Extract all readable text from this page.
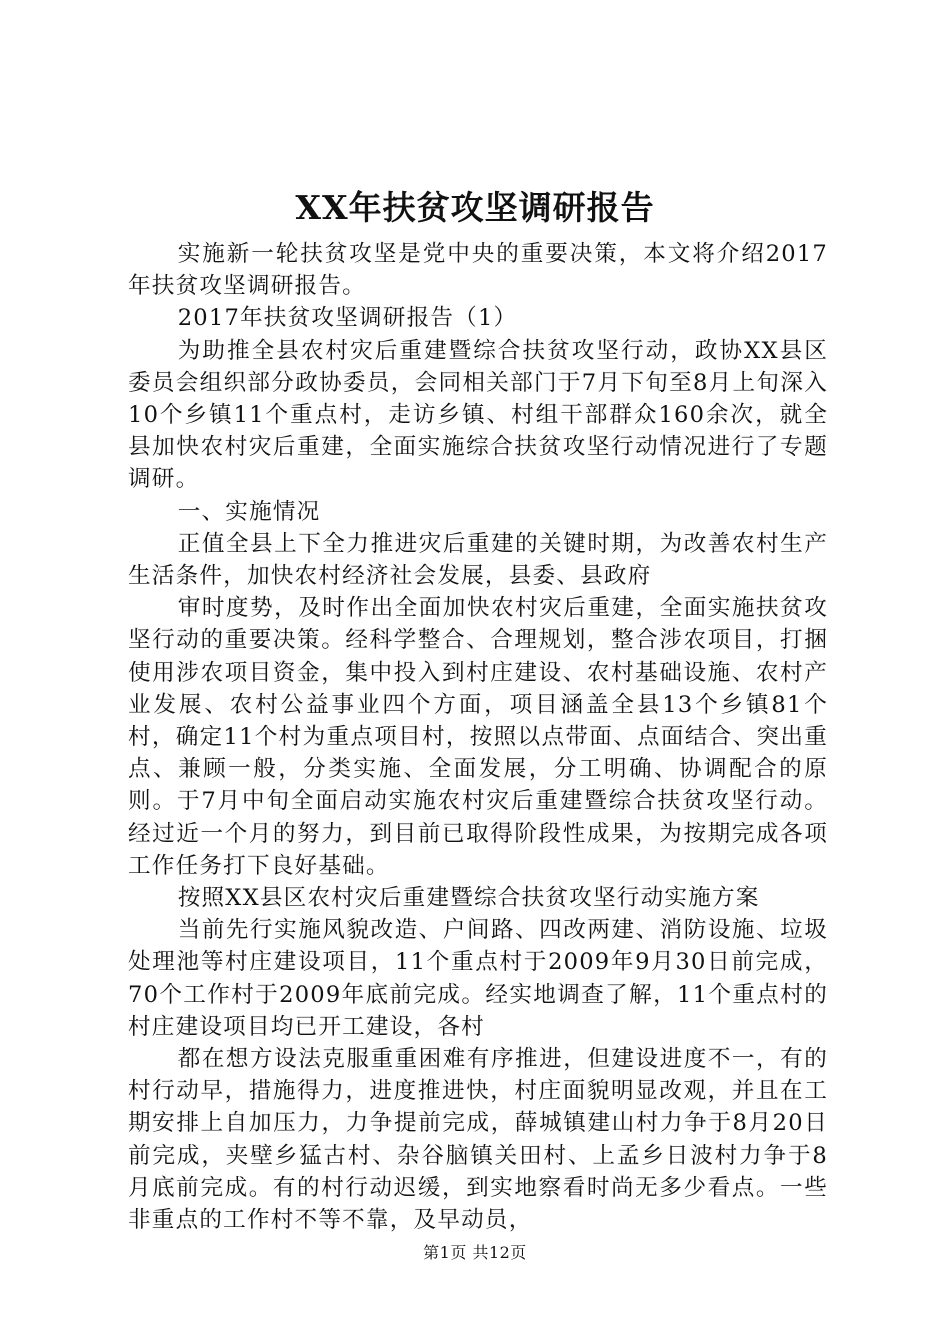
XX年扶贫攻坚调研报告

实施新一轮扶贫攻坚是党中央的重要决策，本文将介绍2017年扶贫攻坚调研报告。

2017年扶贫攻坚调研报告（1）

为助推全县农村灾后重建暨综合扶贫攻坚行动，政协XX县区委员会组织部分政协委员，会同相关部门于7月下旬至8月上旬深入10个乡镇11个重点村，走访乡镇、村组干部群众160余次，就全县加快农村灾后重建，全面实施综合扶贫攻坚行动情况进行了专题调研。

一、实施情况

正值全县上下全力推进灾后重建的关键时期，为改善农村生产生活条件，加快农村经济社会发展，县委、县政府

审时度势，及时作出全面加快农村灾后重建，全面实施扶贫攻坚行动的重要决策。经科学整合、合理规划，整合涉农项目，打捆使用涉农项目资金，集中投入到村庄建设、农村基础设施、农村产业发展、农村公益事业四个方面，项目涵盖全县13个乡镇81个村，确定11个村为重点项目村，按照以点带面、点面结合、突出重点、兼顾一般，分类实施、全面发展，分工明确、协调配合的原则。于7月中旬全面启动实施农村灾后重建暨综合扶贫攻坚行动。经过近一个月的努力，到目前已取得阶段性成果，为按期完成各项工作任务打下良好基础。

按照XX县区农村灾后重建暨综合扶贫攻坚行动实施方案

当前先行实施风貌改造、户间路、四改两建、消防设施、垃圾处理池等村庄建设项目，11个重点村于2009年9月30日前完成，70个工作村于2009年底前完成。经实地调查了解，11个重点村的村庄建设项目均已开工建设，各村

都在想方设法克服重重困难有序推进，但建设进度不一，有的村行动早，措施得力，进度推进快，村庄面貌明显改观，并且在工期安排上自加压力，力争提前完成，薛城镇建山村力争于8月20日前完成，夹壁乡猛古村、杂谷脑镇关田村、上孟乡日波村力争于8月底前完成。有的村行动迟缓，到实地察看时尚无多少看点。一些非重点的工作村不等不靠，及早动员，

第1页 共12页
